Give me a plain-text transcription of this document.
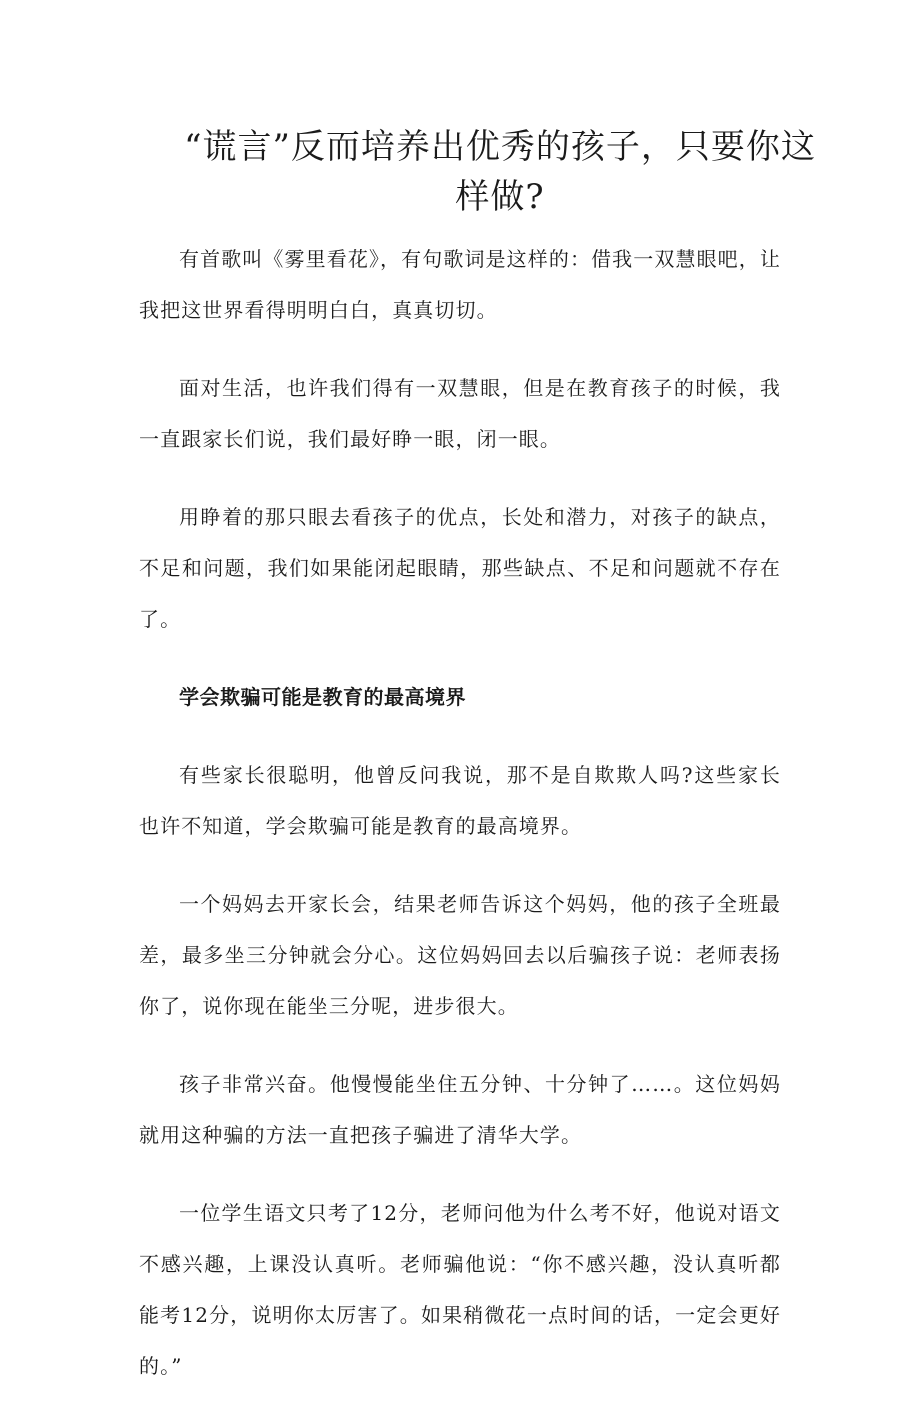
“谎言”反而培养出优秀的孩子，只要你这样做?

有首歌叫《雾里看花》，有句歌词是这样的：借我一双慧眼吧，让我把这世界看得明明白白，真真切切。

面对生活，也许我们得有一双慧眼，但是在教育孩子的时候，我一直跟家长们说，我们最好睁一眼，闭一眼。

用睁着的那只眼去看孩子的优点，长处和潜力，对孩子的缺点，不足和问题，我们如果能闭起眼睛，那些缺点、不足和问题就不存在了。

学会欺骗可能是教育的最高境界

有些家长很聪明，他曾反问我说，那不是自欺欺人吗?这些家长也许不知道，学会欺骗可能是教育的最高境界。

一个妈妈去开家长会，结果老师告诉这个妈妈，他的孩子全班最差，最多坐三分钟就会分心。这位妈妈回去以后骗孩子说：老师表扬你了，说你现在能坐三分呢，进步很大。

孩子非常兴奋。他慢慢能坐住五分钟、十分钟了……。这位妈妈就用这种骗的方法一直把孩子骗进了清华大学。

一位学生语文只考了12分，老师问他为什么考不好，他说对语文不感兴趣，上课没认真听。老师骗他说：“你不感兴趣，没认真听都能考12分，说明你太厉害了。如果稍微花一点时间的话，一定会更好的。”
